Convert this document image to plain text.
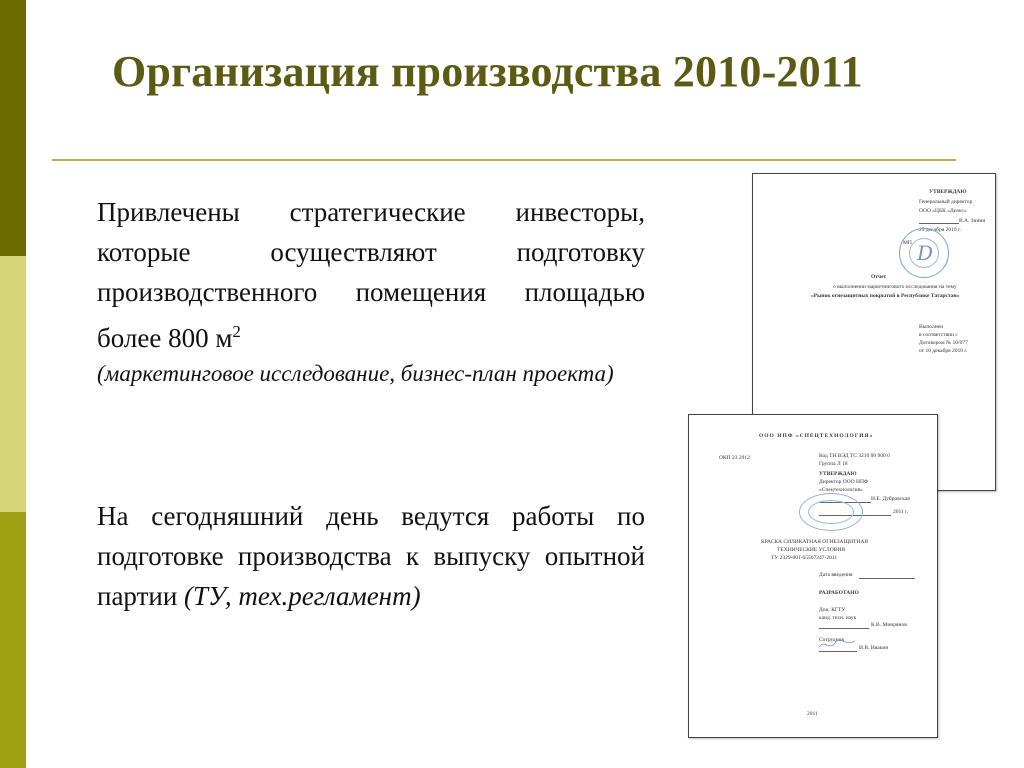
Организация производства 2010-2011
Привлечены стратегические инвесторы, которые осуществляют подготовку производственного помещения площадью более 800 $м^2$
(маркетинговое исследование, бизнес-план проекта)
На сегодняшний день ведутся работы по подготовке производства к выпуску опытной партии (ТУ, тех.регламент)
УТВЕРЖДАЮ
Генеральный директор
ООО «ЦБК «Диэкс»
В.А. Зинин
25 декабря 2010 г.
МП D
Отчет
о выполнении маркетингового исследования на тему
«Рынок огнезащитных покрытий в Республике Татарстан»
Выполнен
в соответствии с
Договором № 10/077
от 10 декабря 2010 г.
ООО НПФ «СПЕЦТЕХНОЛОГИЯ»
ОКП 23 2912	Код ТН ВЭД ТС 3210 00 900 0
Группа Л 18
УТВЕРЖДАЮ
Директор ООО НПФ
«Спецтехнология»
И.Е. Дубровская
2011 г.
КРАСКА СИЛИКАТНАЯ ОГНЕЗАЩИТНАЯ
ТЕХНИЧЕСКИЕ УСЛОВИЯ
ТУ 2329-001-65507247-2011
Дата введения
РАЗРАБОТАНО
Доц. КГТУ
канд. техн. наук
К.В. Миирянов
Сотрудник
И.В. Ивакин
2011
